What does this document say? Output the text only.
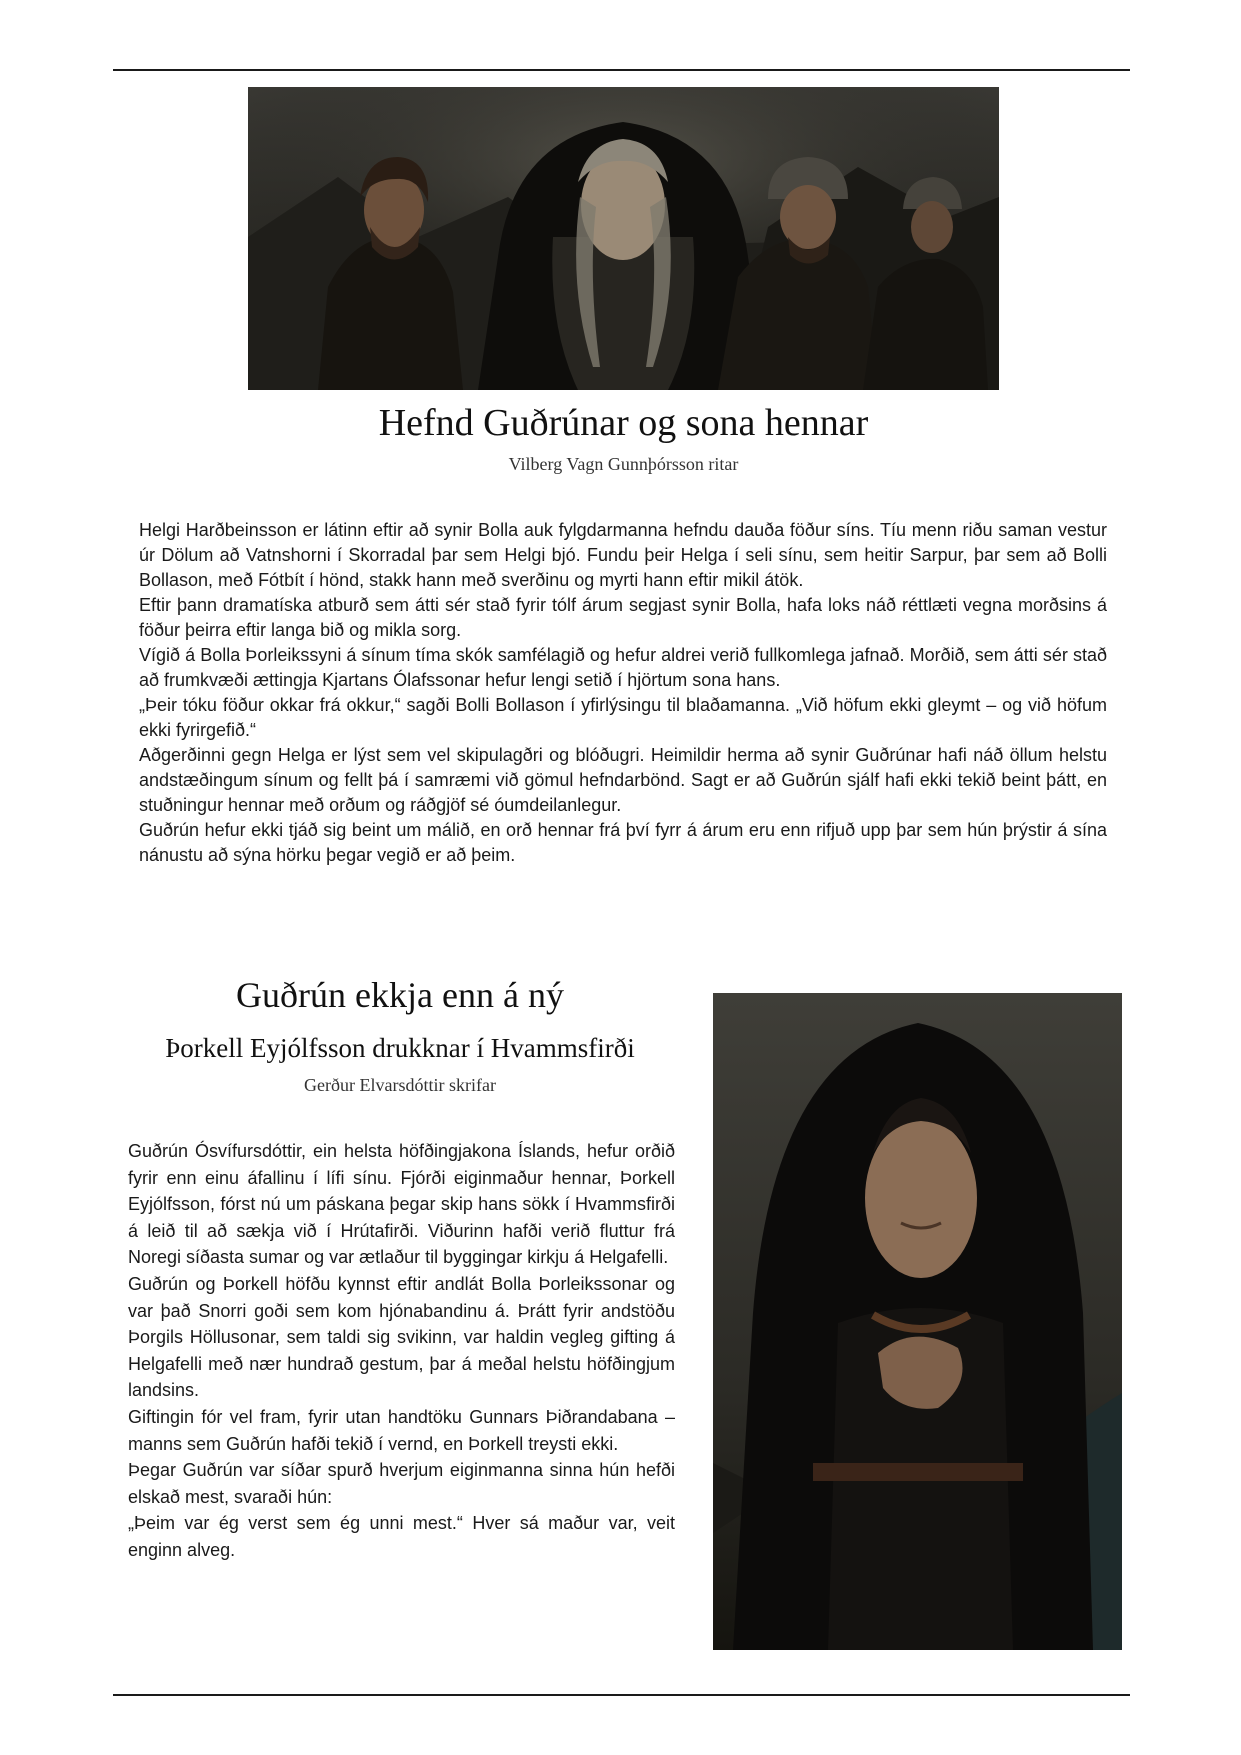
Hefnd Guðrúnar og sona hennar
Vilberg Vagn Gunnþórsson ritar

Helgi Harðbeinsson er látinn eftir að synir Bolla auk fylgdarmanna hefndu dauða föður síns. Tíu menn riðu saman vestur úr Dölum að Vatnshorni í Skorradal þar sem Helgi bjó. Fundu þeir Helga í seli sínu, sem heitir Sarpur, þar sem að Bolli Bollason, með Fótbít í hönd, stakk hann með sverðinu og myrti hann eftir mikil átök.

Eftir þann dramatíska atburð sem átti sér stað fyrir tólf árum segjast synir Bolla, hafa loks náð réttlæti vegna morðsins á föður þeirra eftir langa bið og mikla sorg.

Vígið á Bolla Þorleikssyni á sínum tíma skók samfélagið og hefur aldrei verið fullkomlega jafnað. Morðið, sem átti sér stað að frumkvæði ættingja Kjartans Ólafssonar hefur lengi setið í hjörtum sona hans.

„Þeir tóku föður okkar frá okkur,“ sagði Bolli Bollason í yfirlýsingu til blaðamanna. „Við höfum ekki gleymt – og við höfum ekki fyrirgefið.“

Aðgerðinni gegn Helga er lýst sem vel skipulagðri og blóðugri. Heimildir herma að synir Guðrúnar hafi náð öllum helstu andstæðingum sínum og fellt þá í samræmi við gömul hefndarbönd. Sagt er að Guðrún sjálf hafi ekki tekið beint þátt, en stuðningur hennar með orðum og ráðgjöf sé óumdeilanlegur.

Guðrún hefur ekki tjáð sig beint um málið, en orð hennar frá því fyrr á árum eru enn rifjuð upp þar sem hún þrýstir á sína nánustu að sýna hörku þegar vegið er að þeim.

Guðrún ekkja enn á ný
Þorkell Eyjólfsson drukknar í Hvammsfirði
Gerður Elvarsdóttir skrifar

Guðrún Ósvífursdóttir, ein helsta höfðingjakona Íslands, hefur orðið fyrir enn einu áfallinu í lífi sínu. Fjórði eiginmaður hennar, Þorkell Eyjólfsson, fórst nú um páskana þegar skip hans sökk í Hvammsfirði á leið til að sækja við í Hrútafirði. Viðurinn hafði verið fluttur frá Noregi síðasta sumar og var ætlaður til byggingar kirkju á Helgafelli.

Guðrún og Þorkell höfðu kynnst eftir andlát Bolla Þorleikssonar og var það Snorri goði sem kom hjónabandinu á. Þrátt fyrir andstöðu Þorgils Höllusonar, sem taldi sig svikinn, var haldin vegleg gifting á Helgafelli með nær hundrað gestum, þar á meðal helstu höfðingjum landsins.

Giftingin fór vel fram, fyrir utan handtöku Gunnars Þiðrandabana – manns sem Guðrún hafði tekið í vernd, en Þorkell treysti ekki.

Þegar Guðrún var síðar spurð hverjum eiginmanna sinna hún hefði elskað mest, svaraði hún:

„Þeim var ég verst sem ég unni mest.“ Hver sá maður var, veit enginn alveg.
